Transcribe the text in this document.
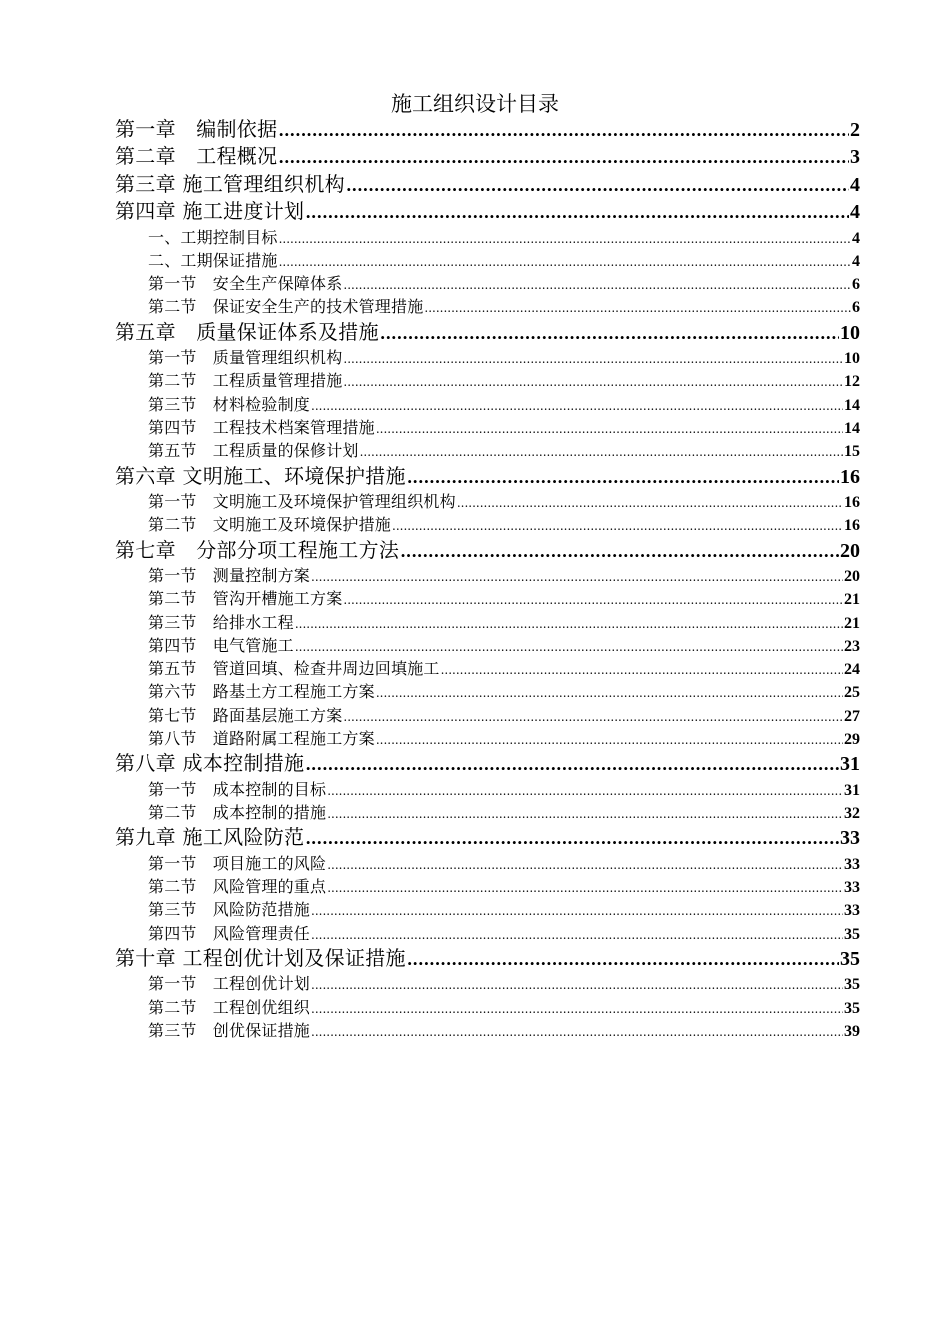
施工组织设计目录
第一章　编制依据 .....	2
第二章　工程概况 .....	3
第三章 施工管理组织机构 .....	4
第四章 施工进度计划 .....	4
一、工期控制目标 .....	4
二、工期保证措施 .....	4
第一节　安全生产保障体系 .....	6
第二节　保证安全生产的技术管理措施 .....	6
第五章　质量保证体系及措施 .....	10
第一节　质量管理组织机构 .....	10
第二节　工程质量管理措施 .....	12
第三节　材料检验制度 .....	14
第四节　工程技术档案管理措施 .....	14
第五节　工程质量的保修计划 .....	15
第六章 文明施工、环境保护措施 .....	16
第一节　文明施工及环境保护管理组织机构 .....	16
第二节　文明施工及环境保护措施 .....	16
第七章　分部分项工程施工方法 .....	20
第一节　测量控制方案 .....	20
第二节　管沟开槽施工方案 .....	21
第三节　给排水工程 .....	21
第四节　电气管施工 .....	23
第五节　管道回填、检查井周边回填施工 .....	24
第六节　路基土方工程施工方案 .....	25
第七节　路面基层施工方案 .....	27
第八节　道路附属工程施工方案 .....	29
第八章 成本控制措施 .....	31
第一节　成本控制的目标 .....	31
第二节　成本控制的措施 .....	32
第九章 施工风险防范 .....	33
第一节　项目施工的风险 .....	33
第二节　风险管理的重点 .....	33
第三节　风险防范措施 .....	33
第四节　风险管理责任 .....	35
第十章 工程创优计划及保证措施 .....	35
第一节　工程创优计划 .....	35
第二节　工程创优组织 .....	35
第三节　创优保证措施 .....	39
